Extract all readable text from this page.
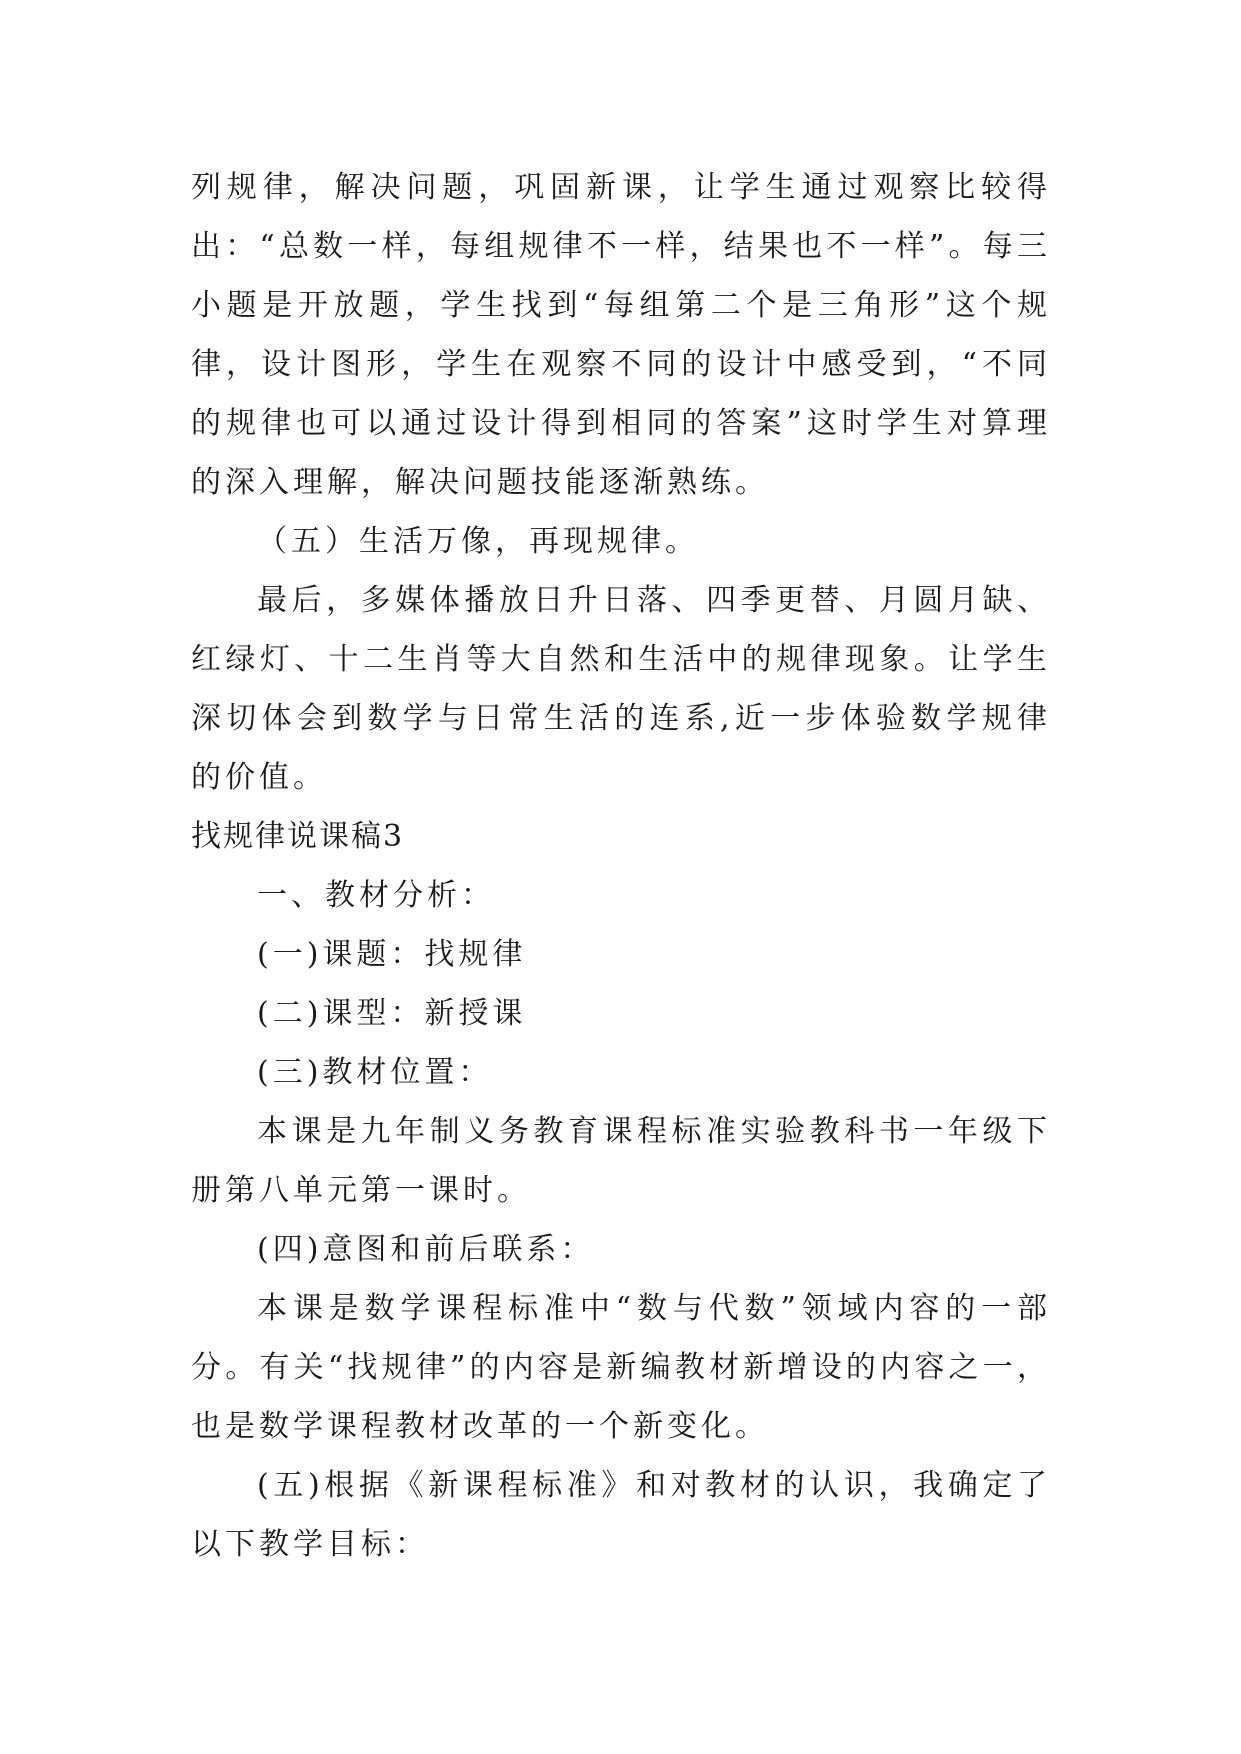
列规律，解决问题，巩固新课，让学生通过观察比较得出：“总数一样，每组规律不一样，结果也不一样”。每三小题是开放题，学生找到“每组第二个是三角形”这个规律，设计图形，学生在观察不同的设计中感受到，“不同的规律也可以通过设计得到相同的答案”这时学生对算理的深入理解，解决问题技能逐渐熟练。

（五）生活万像，再现规律。

最后，多媒体播放日升日落、四季更替、月圆月缺、红绿灯、十二生肖等大自然和生活中的规律现象。让学生深切体会到数学与日常生活的连系,近一步体验数学规律的价值。

找规律说课稿3

一、教材分析：

(一)课题：找规律

(二)课型：新授课

(三)教材位置：

本课是九年制义务教育课程标准实验教科书一年级下册第八单元第一课时。

(四)意图和前后联系：

本课是数学课程标准中“数与代数”领域内容的一部分。有关“找规律”的内容是新编教材新增设的内容之一，也是数学课程教材改革的一个新变化。

(五)根据《新课程标准》和对教材的认识，我确定了以下教学目标：
